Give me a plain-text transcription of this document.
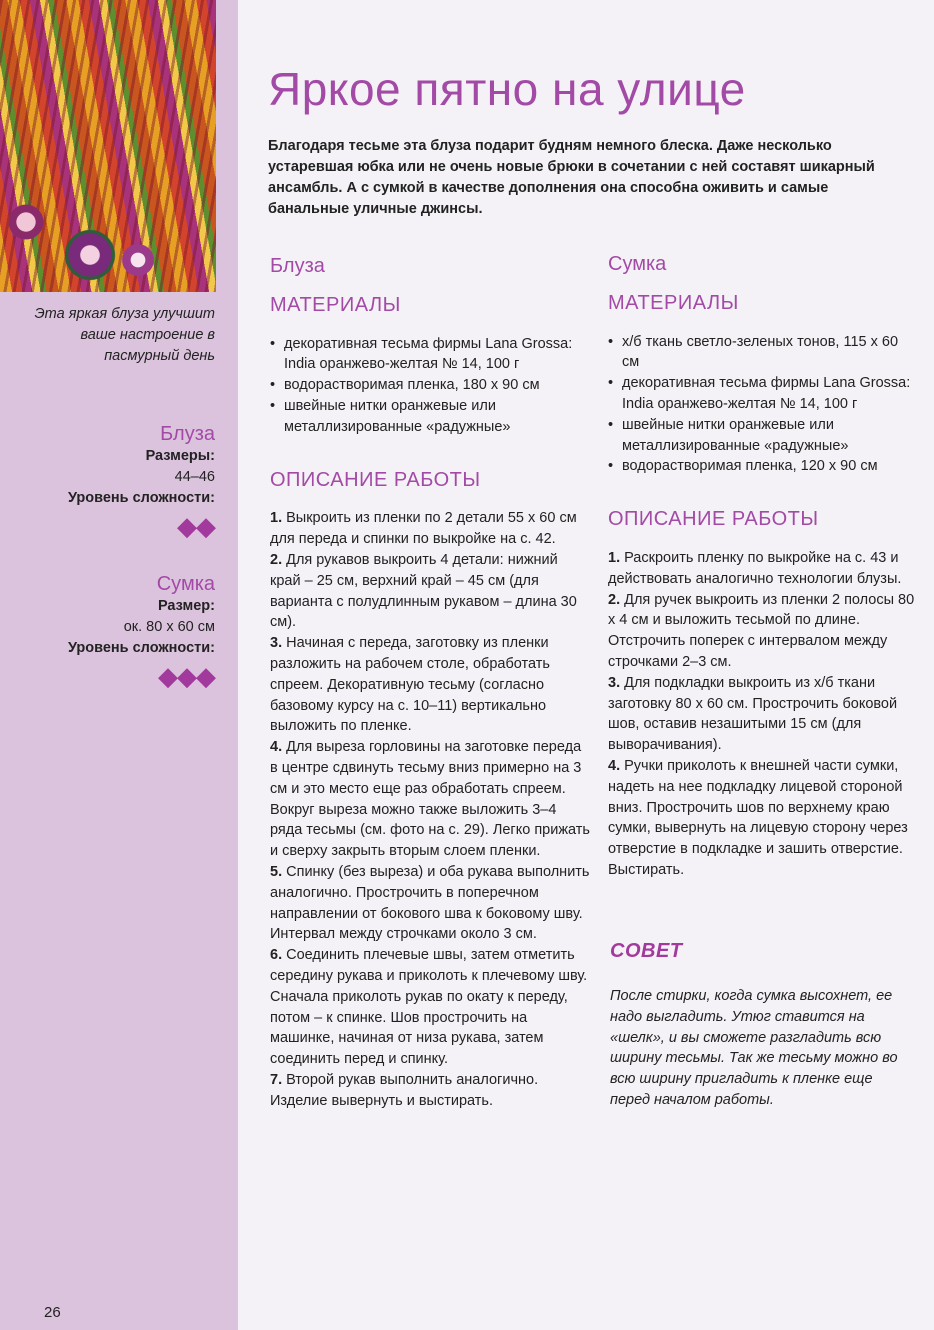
Эта яркая блуза улучшит ваше настроение в пасмурный день
Блуза
Размеры:
44–46
Уровень сложности:
◆◆
Сумка
Размер:
ок. 80 х 60 см
Уровень сложности:
◆◆◆
26
Яркое пятно на улице
Благодаря тесьме эта блуза подарит будням немного блеска. Даже несколько устаревшая юбка или не очень новые брюки в сочетании с ней составят шикарный ансамбль. А с сумкой в качестве дополнения она способна оживить и самые банальные уличные джинсы.
Блуза
МАТЕРИАЛЫ
• декоративная тесьма фирмы Lana Grossa: India оранжево-желтая № 14, 100 г
• водорастворимая пленка, 180 х 90 см
• швейные нитки оранжевые или металлизированные «радужные»
ОПИСАНИЕ РАБОТЫ
1. Выкроить из пленки по 2 детали 55 х 60 см для переда и спинки по выкройке на с. 42.
2. Для рукавов выкроить 4 детали: нижний край – 25 см, верхний край – 45 см (для варианта с полудлинным рукавом – длина 30 см).
3. Начиная с переда, заготовку из пленки разложить на рабочем столе, обработать спреем. Декоративную тесьму (согласно базовому курсу на с. 10–11) вертикально выложить по пленке.
4. Для выреза горловины на заготовке переда в центре сдвинуть тесьму вниз примерно на 3 см и это место еще раз обработать спреем. Вокруг выреза можно также выложить 3–4 ряда тесьмы (см. фото на с. 29). Легко прижать и сверху закрыть вторым слоем пленки.
5. Спинку (без выреза) и оба рукава выполнить аналогично. Прострочить в поперечном направлении от бокового шва к боковому шву. Интервал между строчками около 3 см.
6. Соединить плечевые швы, затем отметить середину рукава и приколоть к плечевому шву. Сначала приколоть рукав по окату к переду, потом – к спинке. Шов прострочить на машинке, начиная от низа рукава, затем соединить перед и спинку.
7. Второй рукав выполнить аналогично. Изделие вывернуть и выстирать.
Сумка
МАТЕРИАЛЫ
• х/б ткань светло-зеленых тонов, 115 х 60 см
• декоративная тесьма фирмы Lana Grossa: India оранжево-желтая № 14, 100 г
• швейные нитки оранжевые или металлизированные «радужные»
• водорастворимая пленка, 120 х 90 см
ОПИСАНИЕ РАБОТЫ
1. Раскроить пленку по выкройке на с. 43 и действовать аналогично технологии блузы.
2. Для ручек выкроить из пленки 2 полосы 80 х 4 см и выложить тесьмой по длине. Отстрочить поперек с интервалом между строчками 2–3 см.
3. Для подкладки выкроить из х/б ткани заготовку 80 х 60 см. Прострочить боковой шов, оставив незашитыми 15 см (для выворачивания).
4. Ручки приколоть к внешней части сумки, надеть на нее подкладку лицевой стороной вниз. Прострочить шов по верхнему краю сумки, вывернуть на лицевую сторону через отверстие в подкладке и зашить отверстие. Выстирать.
СОВЕТ
После стирки, когда сумка высохнет, ее надо выгладить. Утюг ставится на «шелк», и вы сможете разгладить всю ширину тесьмы. Так же тесьму можно во всю ширину пригладить к пленке еще перед началом работы.
